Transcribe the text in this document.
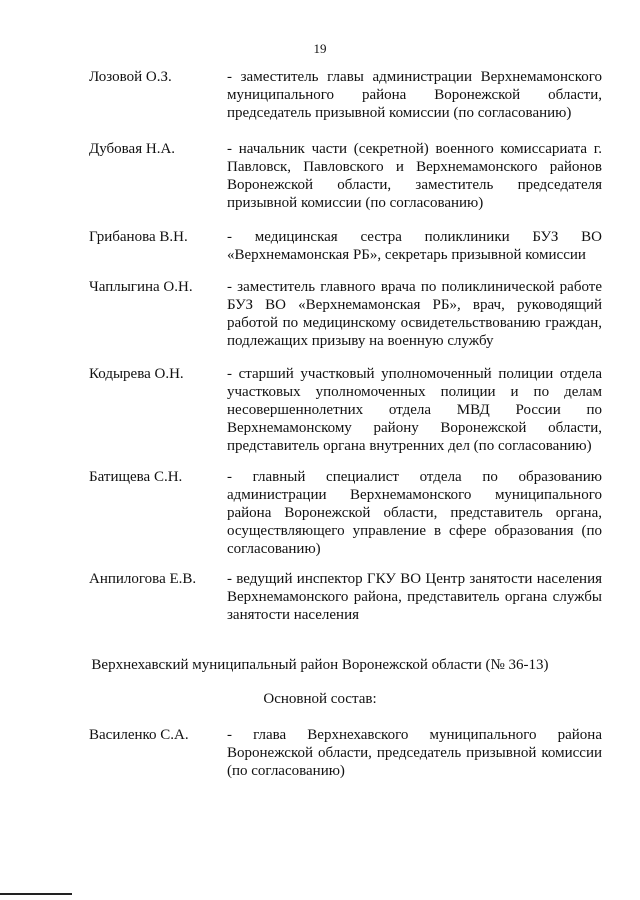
19
Лозовой О.З.	- заместитель главы администрации Верхнемамонского муниципального района Воронежской области, председатель призывной комиссии (по согласованию)
Дубовая Н.А.	- начальник части (секретной) военного комиссариата г. Павловск, Павловского и Верхнемамонского районов Воронежской области, заместитель председателя призывной комиссии (по согласованию)
Грибанова В.Н.	- медицинская сестра поликлиники БУЗ ВО «Верхнемамонская РБ», секретарь призывной комиссии
Чаплыгина О.Н. - заместитель главного врача по поликлинической работе БУЗ ВО «Верхнемамонская РБ», врач, руководящий работой по медицинскому освидетельствованию граждан, подлежащих призыву на военную службу
Кодырева О.Н.	- старший участковый уполномоченный полиции отдела участковых уполномоченных полиции и по делам несовершеннолетних отдела МВД России по Верхнемамонскому району Воронежской области, представитель органа внутренних дел (по согласованию)
Батищева С.Н.	- главный специалист отдела по образованию администрации Верхнемамонского муниципального района Воронежской области, представитель органа, осуществляющего управление в сфере образования (по согласованию)
Анпилогова Е.В. - ведущий инспектор ГКУ ВО Центр занятости населения Верхнемамонского района, представитель органа службы занятости населения
Верхнехавский муниципальный район Воронежской области (№ 36-13)
Основной состав:
Василенко С.А.	- глава Верхнехавского муниципального района Воронежской области, председатель призывной комиссии (по согласованию)
